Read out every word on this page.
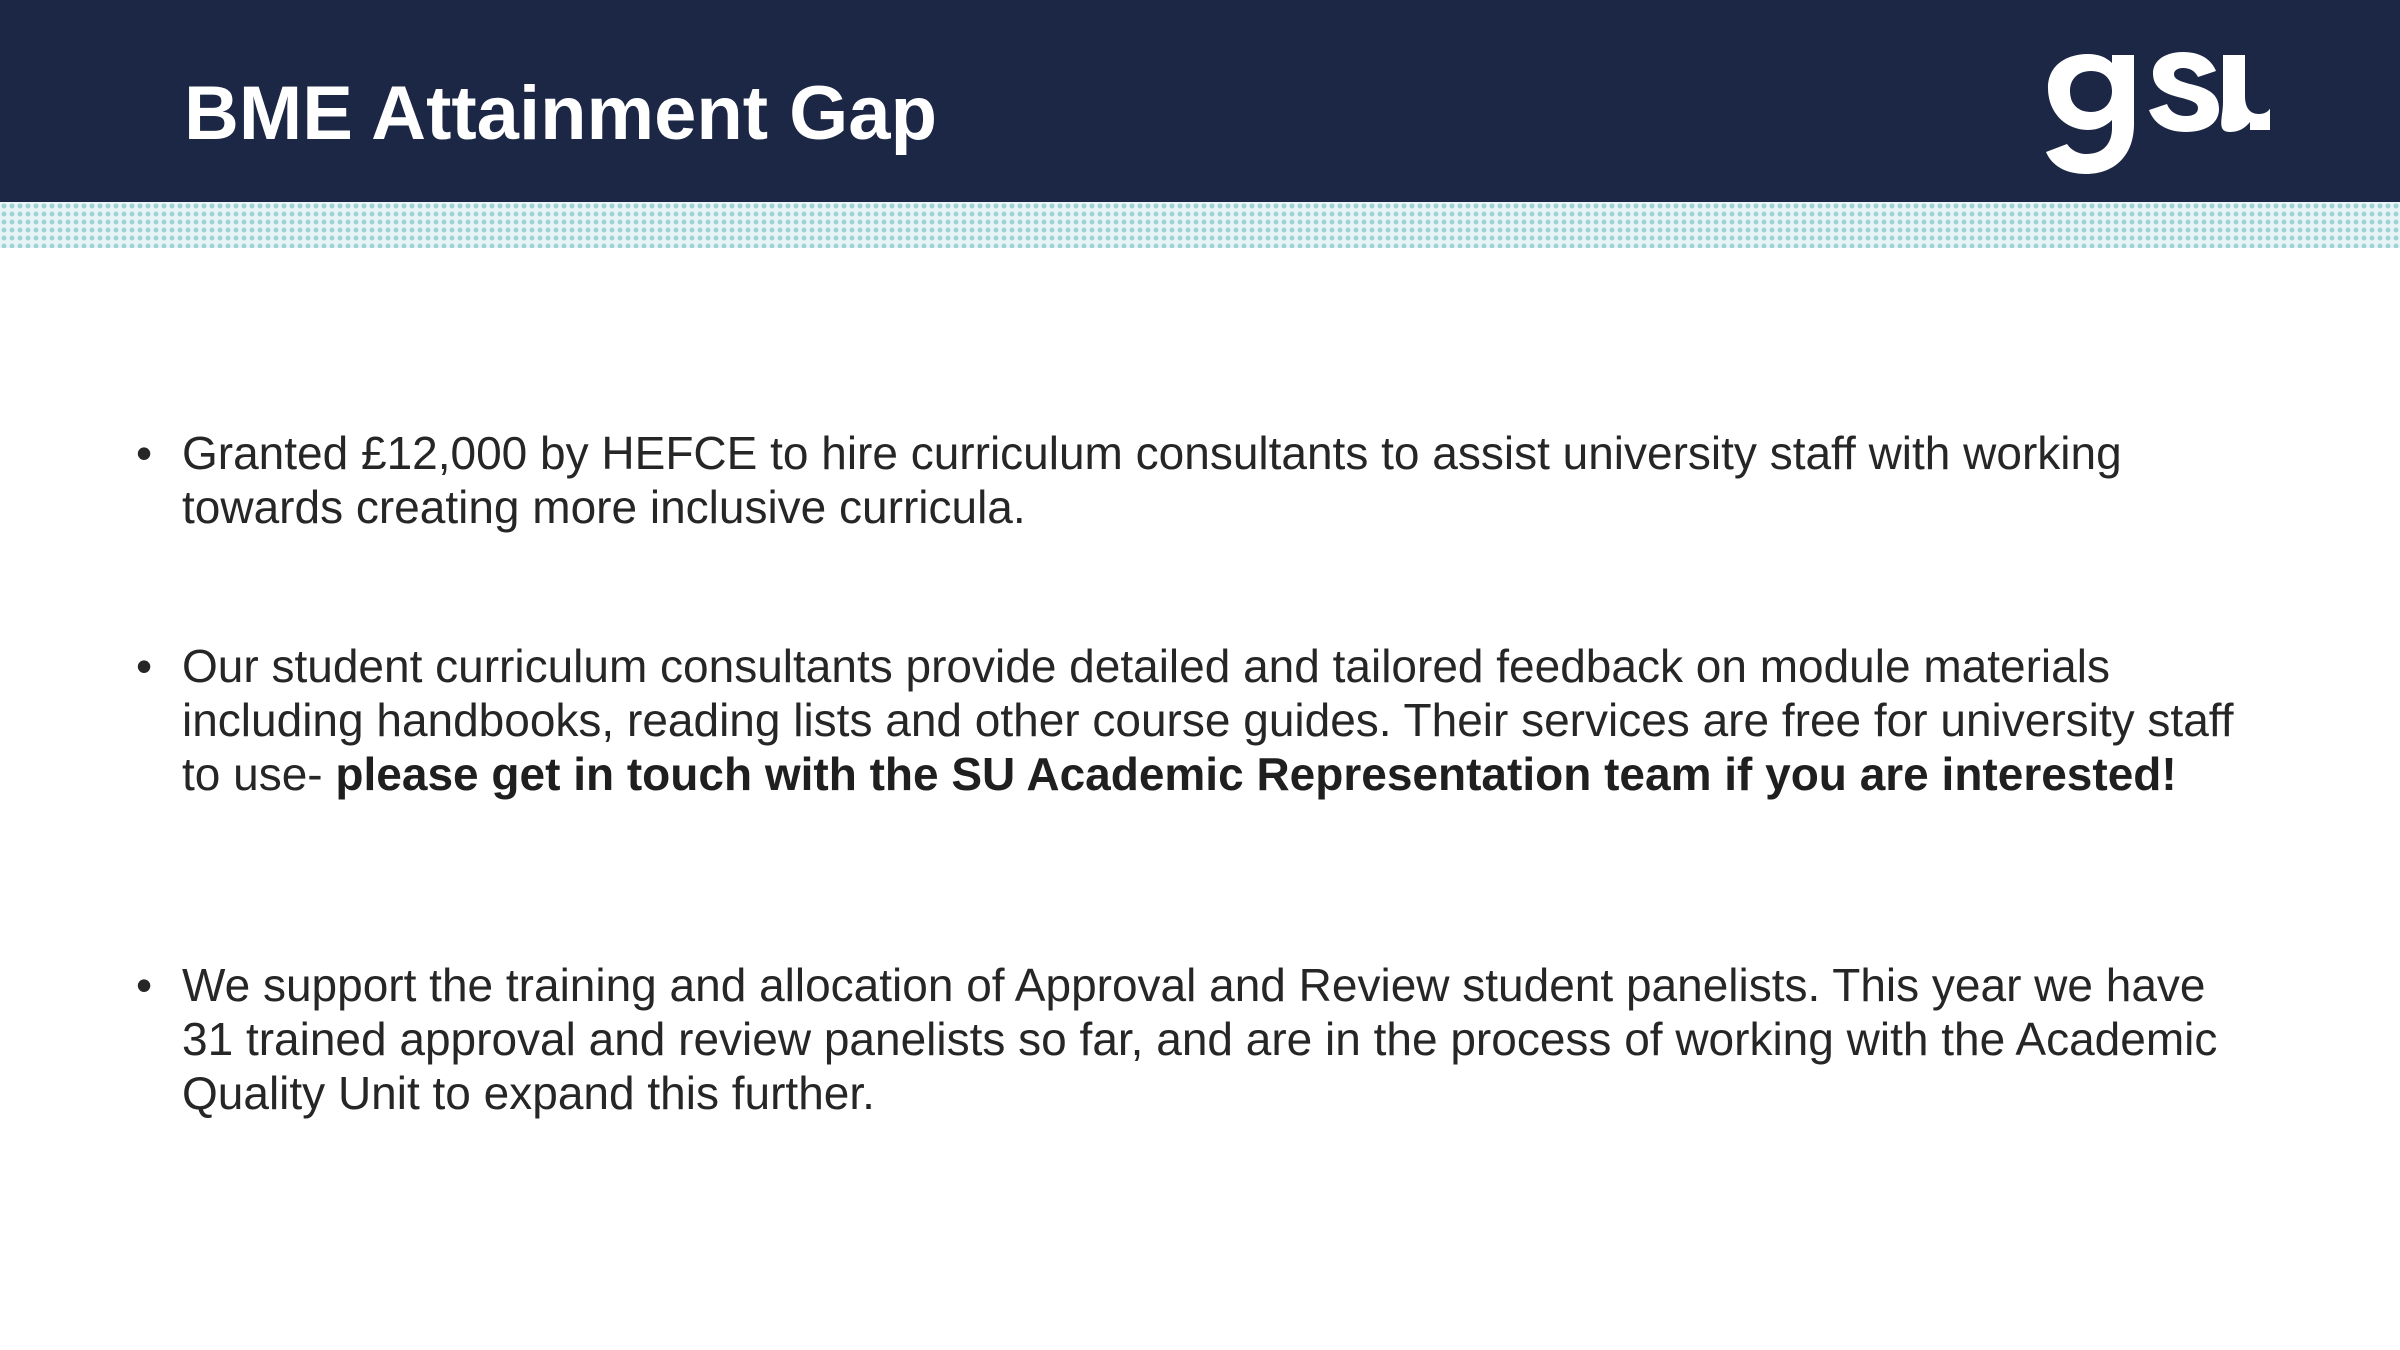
BME Attainment Gap
• Granted £12,000 by HEFCE to hire curriculum consultants to assist university staff with working towards creating more inclusive curricula.
• Our student curriculum consultants provide detailed and tailored feedback on module materials including handbooks, reading lists and other course guides. Their services are free for university staff to use- please get in touch with the SU Academic Representation team if you are interested!
• We support the training and allocation of Approval and Review student panelists. This year we have 31 trained approval and review panelists so far, and are in the process of working with the Academic Quality Unit to expand this further.
